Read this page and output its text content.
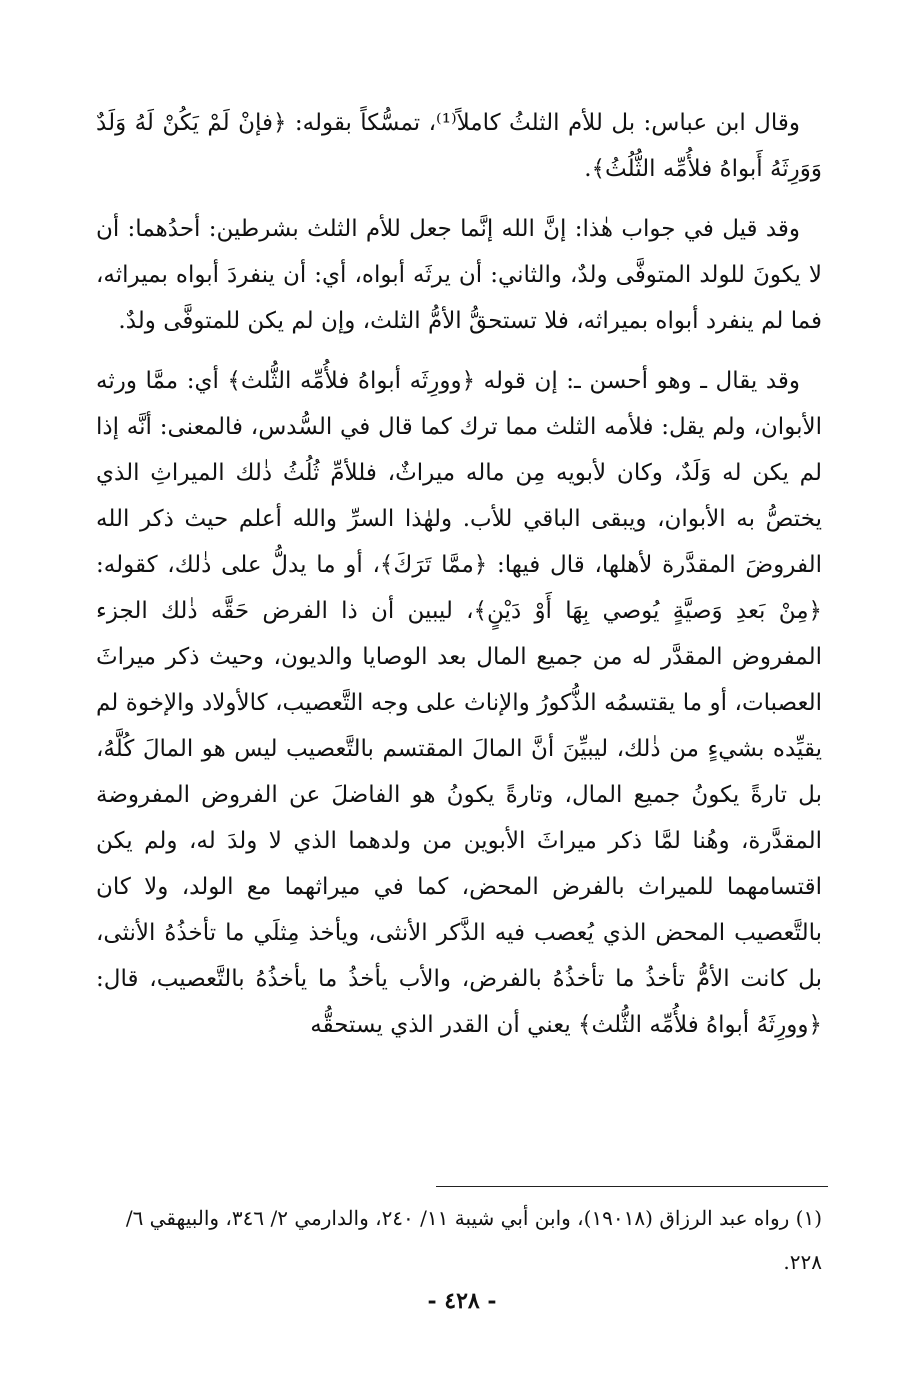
وقال ابن عباس: بل للأم الثلثُ كاملاً⁽¹⁾، تمسُّكاً بقوله: ﴿فإنْ لَمْ يَكُنْ لَهُ وَلَدٌ وَوَرِثَهُ أَبواهُ فلأُمِّه الثُّلُثُ﴾.

وقد قيل في جواب هٰذا: إنَّ الله إنَّما جعل للأم الثلث بشرطين: أحدُهما: أن لا يكونَ للولد المتوفَّى ولدٌ، والثاني: أن يرثَه أبواه، أي: أن ينفردَ أبواه بميراثه، فما لم ينفرد أبواه بميراثه، فلا تستحقُّ الأمُّ الثلث، وإن لم يكن للمتوفَّى ولدٌ.

وقد يقال ـ وهو أحسن ـ: إن قوله ﴿وورِثَه أبواهُ فلأُمِّه الثُّلث﴾ أي: ممَّا ورثه الأبوان، ولم يقل: فلأمه الثلث مما ترك كما قال في السُّدس، فالمعنى: أنَّه إذا لم يكن له وَلَدٌ، وكان لأبويه مِن ماله ميراثٌ، فللأمِّ ثُلُثُ ذٰلك الميراثِ الذي يختصُّ به الأبوان، ويبقى الباقي للأب. ولهٰذا السرِّ والله أعلم حيث ذكر الله الفروضَ المقدَّرة لأهلها، قال فيها: ﴿ممَّا تَرَكَ﴾، أو ما يدلُّ على ذٰلك، كقوله: ﴿مِنْ بَعدِ وَصيَّةٍ يُوصي بِهَا أَوْ دَيْنٍ﴾، ليبين أن ذا الفرض حَقَّه ذٰلك الجزء المفروض المقدَّر له من جميع المال بعد الوصايا والديون، وحيث ذكر ميراثَ العصبات، أو ما يقتسمُه الذُّكورُ والإناث على وجه التَّعصيب، كالأولاد والإخوة لم يقيِّده بشيءٍ من ذٰلك، ليبيِّنَ أنَّ المالَ المقتسم بالتَّعصيب ليس هو المالَ كُلَّهُ، بل تارةً يكونُ جميع المال، وتارةً يكونُ هو الفاضلَ عن الفروض المفروضة المقدَّرة، وهُنا لمَّا ذكر ميراثَ الأبوين من ولدهما الذي لا ولدَ له، ولم يكن اقتسامهما للميراث بالفرض المحض، كما في ميراثهما مع الولد، ولا كان بالتَّعصيب المحض الذي يُعصب فيه الذَّكر الأنثى، ويأخذ مِثلَي ما تأخذُهُ الأنثى، بل كانت الأمُّ تأخذُ ما تأخذُهُ بالفرض، والأب يأخذُ ما يأخذُهُ بالتَّعصيب، قال: ﴿وورِثَهُ أبواهُ فلأُمِّه الثُّلث﴾ يعني أن القدر الذي يستحقُّه

(١) رواه عبد الرزاق (١٩٠١٨)، وابن أبي شيبة ١١/ ٢٤٠، والدارمي ٢/ ٣٤٦، والبيهقي ٦/ ٢٢٨.

- ٤٢٨ -
